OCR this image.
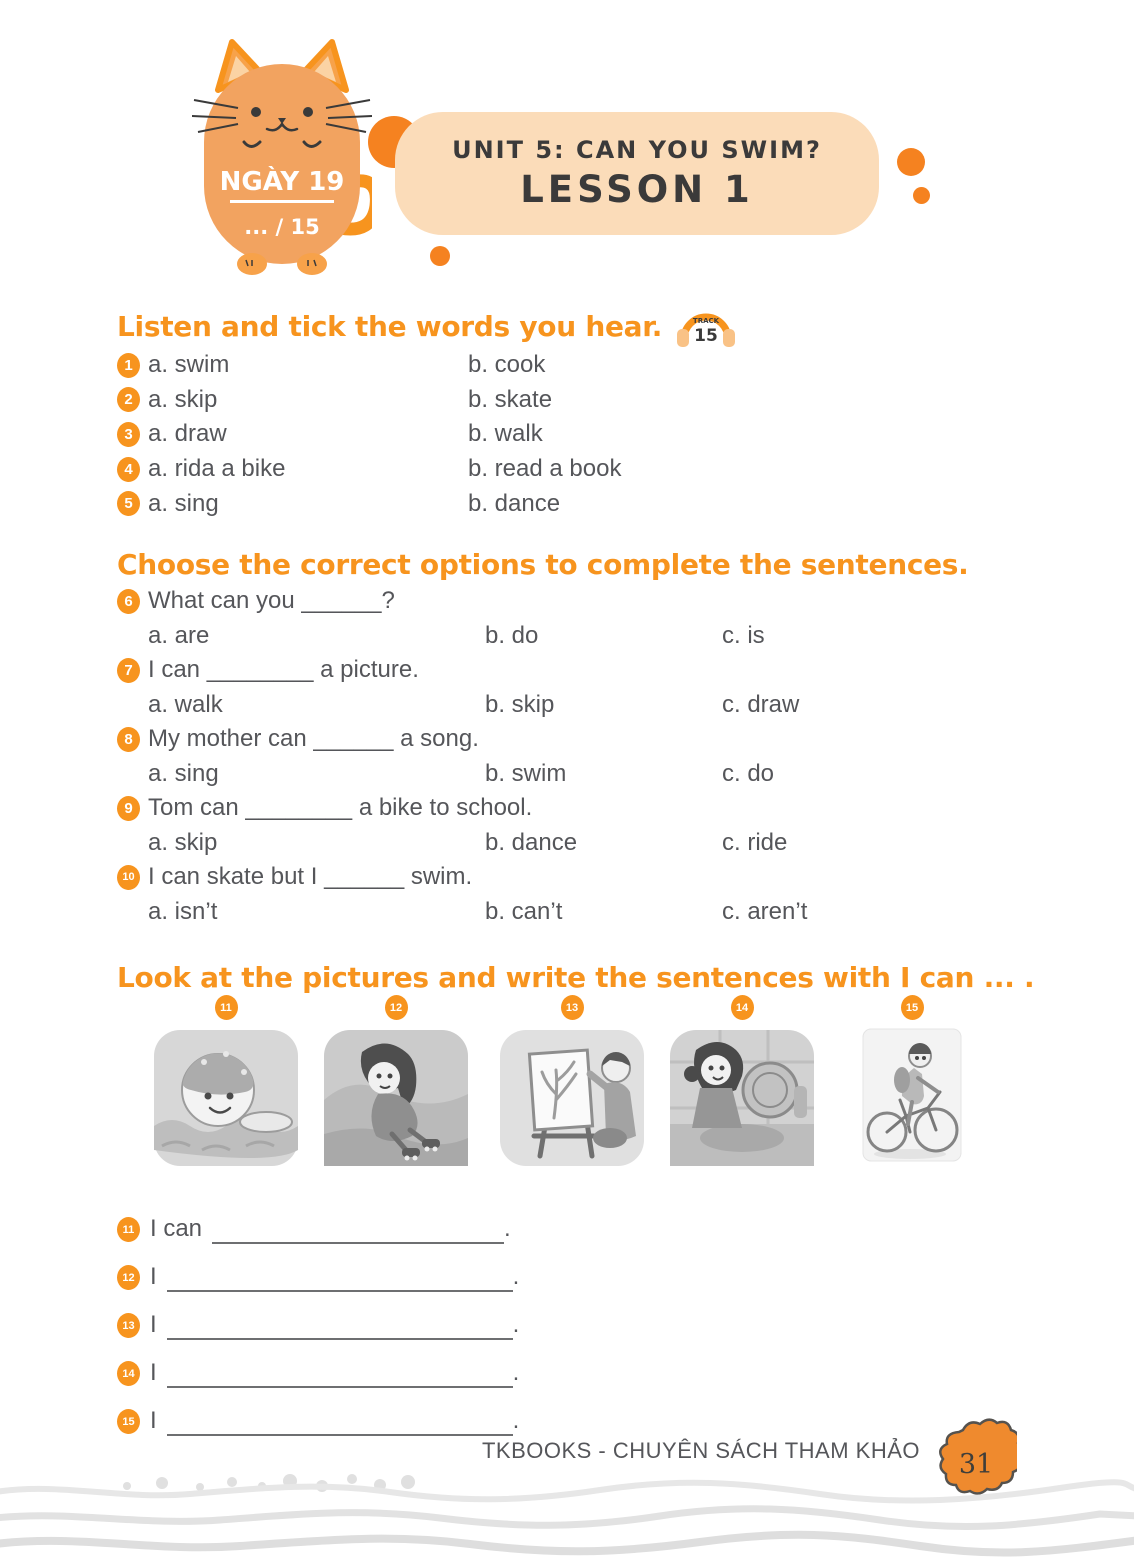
NGÀY 19
... / 15
UNIT 5: CAN YOU SWIM?
LESSON 1
Listen and tick the words you hear.	TRACK
15
1 a. swim	b. cook
2 a. skip	b. skate
3 a. draw	b. walk
4 a. rida a bike	b. read a book
5 a. sing	b. dance
Choose the correct options to complete the sentences.
6 What can you ______?
a. are	b. do	c. is
7 I can ________ a picture.
a. walk	b. skip	c. draw
8 My mother can ______ a song.
a. sing	b. swim	c. do
9 Tom can ________ a bike to school.
a. skip	b. dance	c. ride
10 I can skate but I ______ swim.
a. isn’t	b. can’t	c. aren’t
Look at the pictures and write the sentences with I can ... .
11	12	13	14	15
11 I can	.
12 I	.
13 I	.
14 I	.
15 I	.
TKBOOKS - CHUYÊN SÁCH THAM KHẢO 31
